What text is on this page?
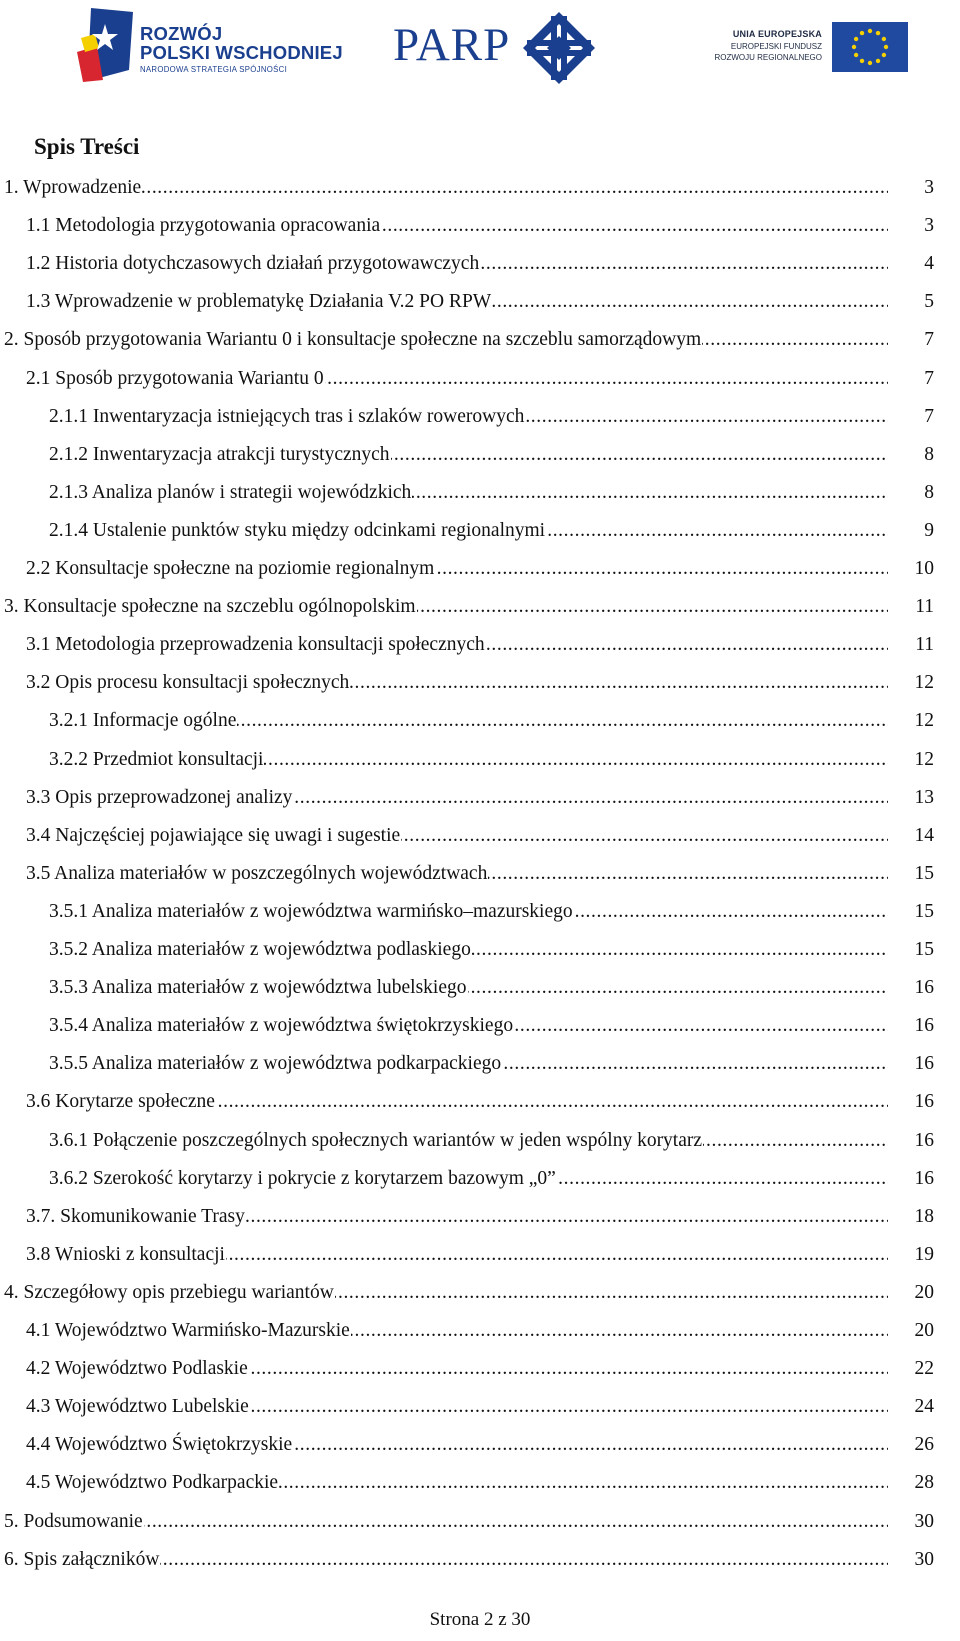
ROZWÓJ
POLSKI WSCHODNIEJ
NARODOWA STRATEGIA SPÓJNOŚCI	PARP	UNIA EUROPEJSKA
EUROPEJSKI FUNDUSZ
ROZWOJU REGIONALNEGO
Spis Treści
1. Wprowadzenie .....	3
1.1 Metodologia przygotowania opracowania .....	3
1.2 Historia dotychczasowych działań przygotowawczych .....	4
1.3 Wprowadzenie w problematykę Działania V.2 PO RPW .....	5
2. Sposób przygotowania Wariantu 0 i konsultacje społeczne na szczeblu samorządowym .....	7
2.1 Sposób przygotowania Wariantu 0 .....	7
2.1.1 Inwentaryzacja istniejących tras i szlaków rowerowych .....	7
2.1.2 Inwentaryzacja atrakcji turystycznych .....	8
2.1.3 Analiza planów i strategii wojewódzkich .....	8
2.1.4 Ustalenie punktów styku między odcinkami regionalnymi .....	9
2.2 Konsultacje społeczne na poziomie regionalnym .....	10
3. Konsultacje społeczne na szczeblu ogólnopolskim .....	11
3.1 Metodologia przeprowadzenia konsultacji społecznych .....	11
3.2 Opis procesu konsultacji społecznych .....	12
3.2.1 Informacje ogólne .....	12
3.2.2 Przedmiot konsultacji .....	12
3.3 Opis przeprowadzonej analizy .....	13
3.4 Najczęściej pojawiające się uwagi i sugestie .....	14
3.5 Analiza materiałów w poszczególnych województwach .....	15
3.5.1 Analiza materiałów z województwa warmińsko–mazurskiego .....	15
3.5.2 Analiza materiałów z województwa podlaskiego .....	15
3.5.3 Analiza materiałów z województwa lubelskiego .....	16
3.5.4 Analiza materiałów z województwa świętokrzyskiego .....	16
3.5.5 Analiza materiałów z województwa podkarpackiego .....	16
3.6 Korytarze społeczne .....	16
3.6.1 Połączenie poszczególnych społecznych wariantów w jeden wspólny korytarz .....	16
3.6.2 Szerokość korytarzy i pokrycie z korytarzem bazowym „0” .....	16
3.7. Skomunikowanie Trasy .....	18
3.8 Wnioski z konsultacji .....	19
4. Szczegółowy opis przebiegu wariantów .....	20
4.1 Województwo Warmińsko-Mazurskie .....	20
4.2 Województwo Podlaskie .....	22
4.3 Województwo Lubelskie .....	24
4.4 Województwo Świętokrzyskie .....	26
4.5 Województwo Podkarpackie .....	28
5. Podsumowanie .....	30
6. Spis załączników .....	30
Strona 2 z 30
